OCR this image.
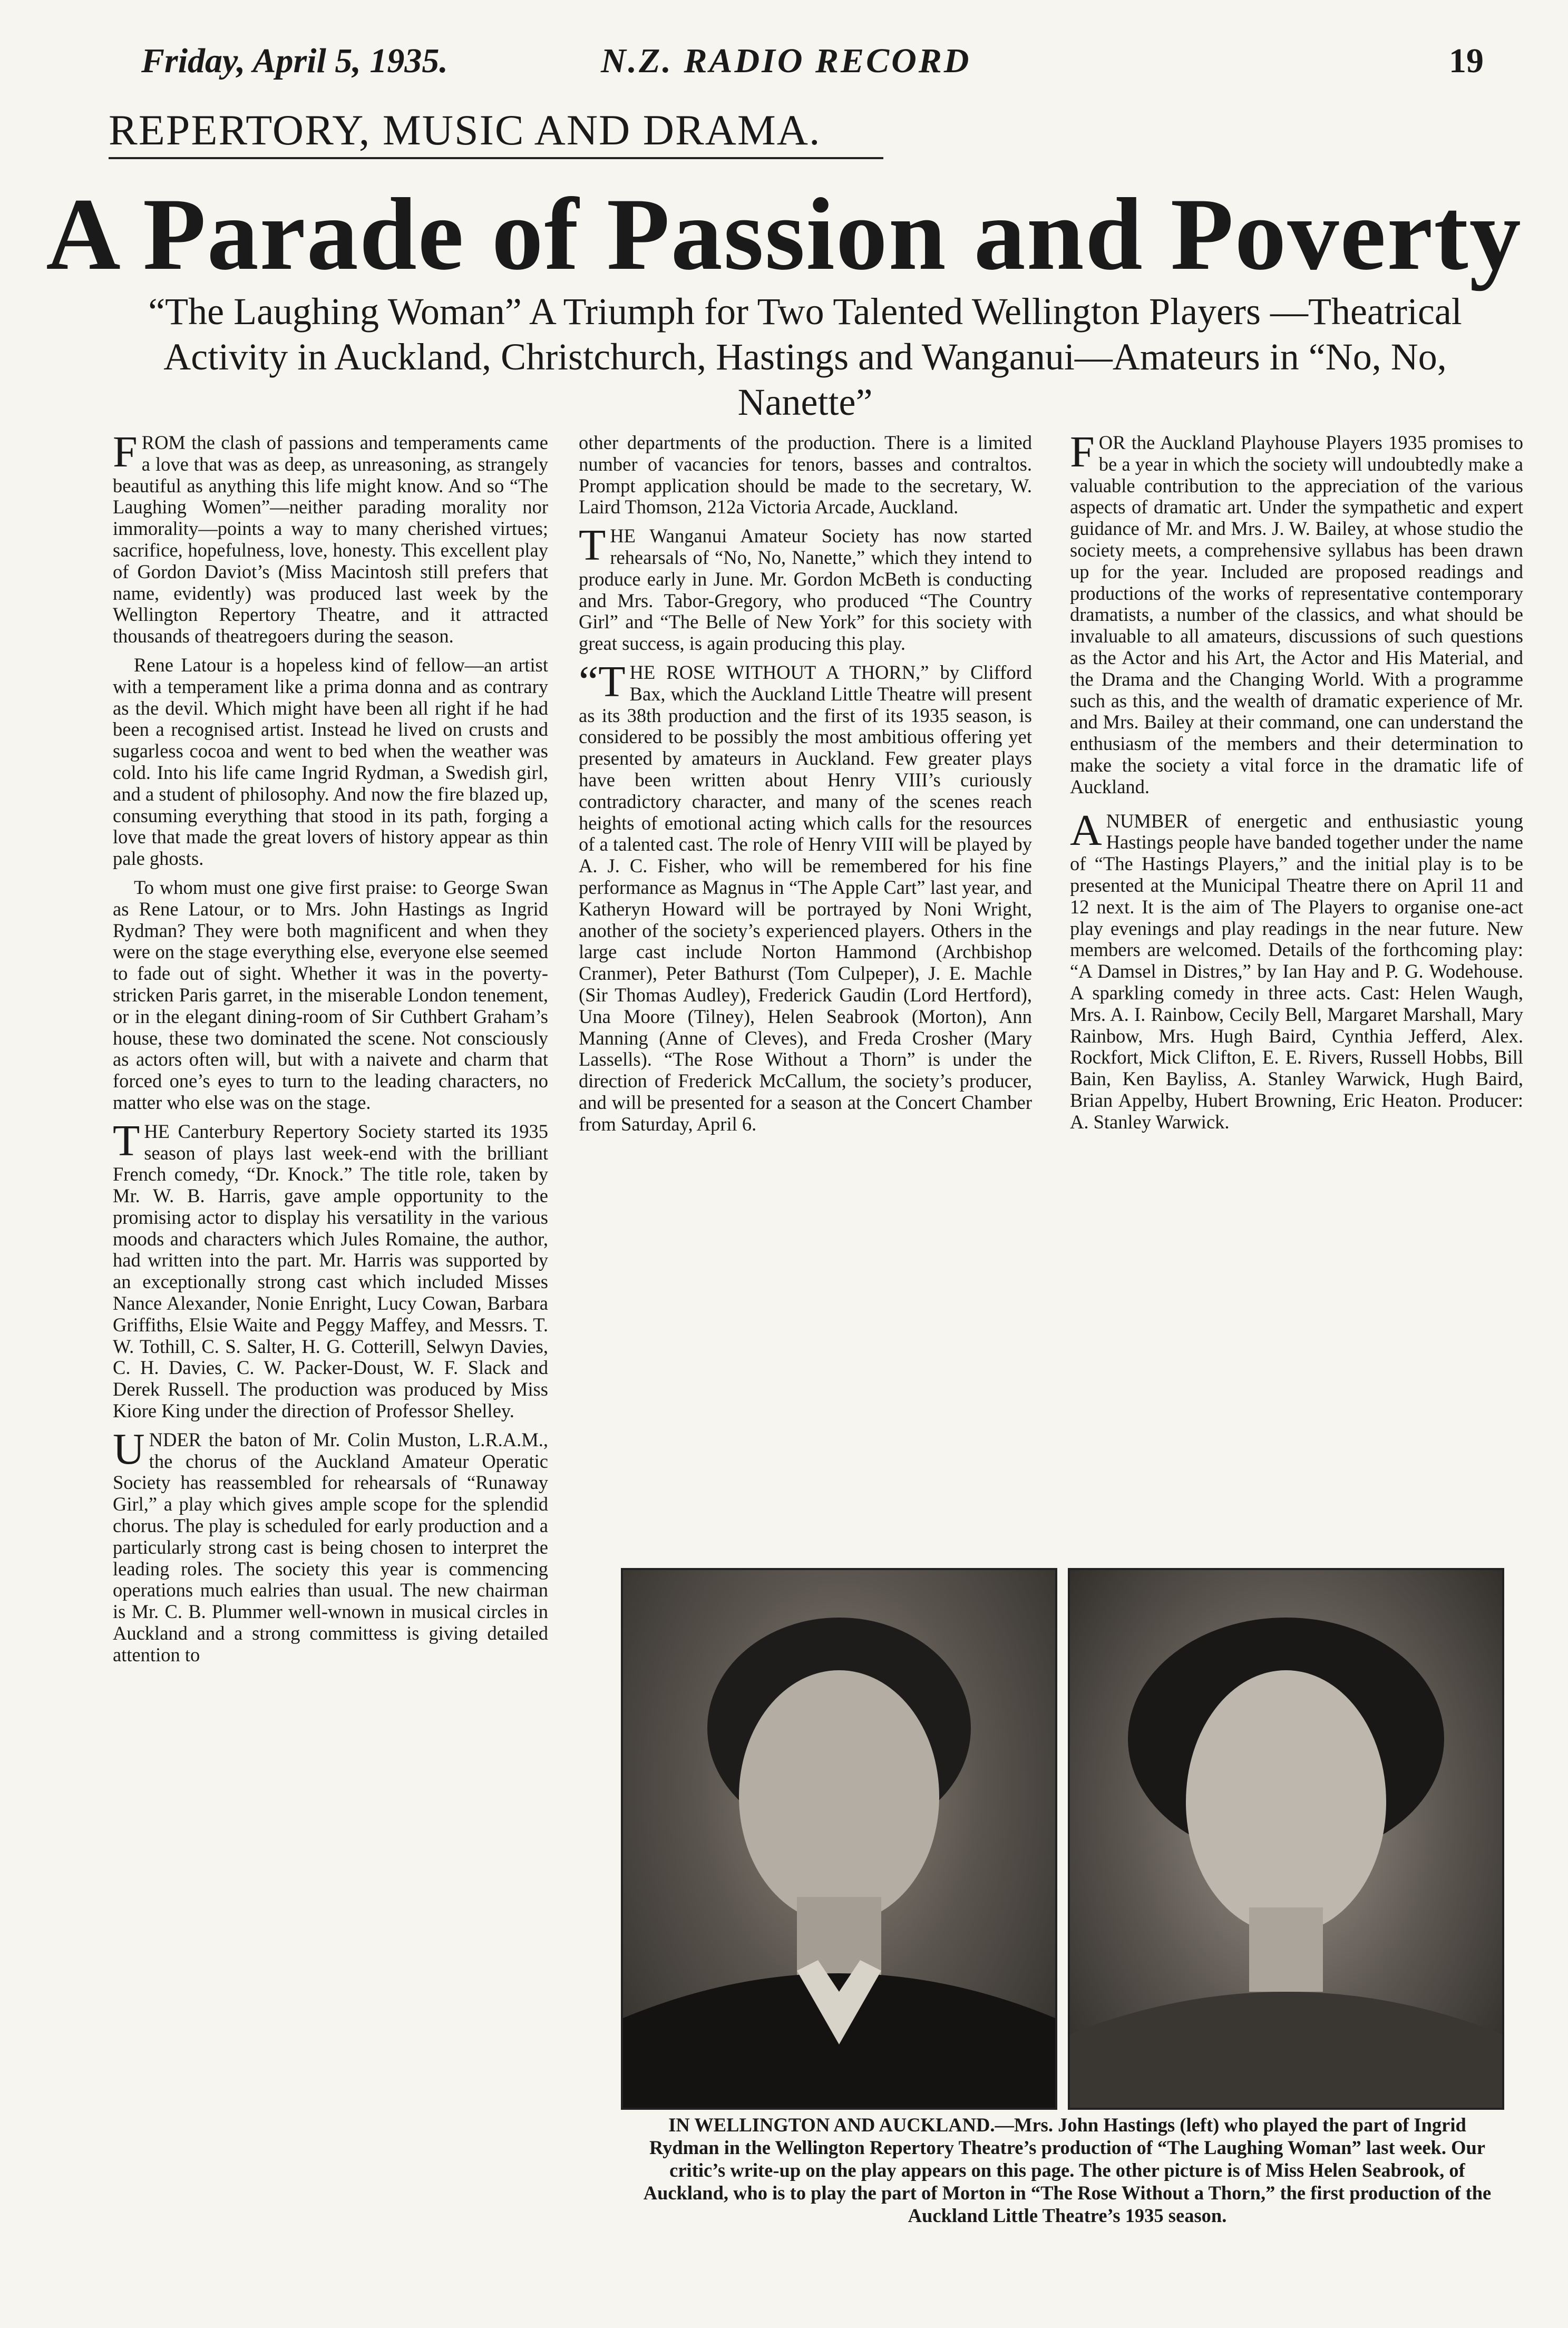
Friday, April 5, 1935.	N.Z. RADIO RECORD	19
REPERTORY, MUSIC AND DRAMA.
A Parade of Passion and Poverty
“The Laughing Woman” A Triumph for Two Talented Wellington Players —Theatrical Activity in Auckland, Christchurch, Hastings and Wanganui—Amateurs in “No, No, Nanette”

FROM the clash of passions and temperaments came a love that was as deep, as unreasoning, as strangely beautiful as anything this life might know. And so “The Laughing Women”—neither parading morality nor immorality—points a way to many cherished virtues; sacrifice, hopefulness, love, honesty. This excellent play of Gordon Daviot’s (Miss Macintosh still prefers that name, evidently) was produced last week by the Wellington Repertory Theatre, and it attracted thousands of theatregoers during the season.

Rene Latour is a hopeless kind of fellow—an artist with a temperament like a prima donna and as contrary as the devil. Which might have been all right if he had been a recognised artist. Instead he lived on crusts and sugarless cocoa and went to bed when the weather was cold. Into his life came Ingrid Rydman, a Swedish girl, and a student of philosophy. And now the fire blazed up, consuming everything that stood in its path, forging a love that made the great lovers of history appear as thin pale ghosts.

To whom must one give first praise: to George Swan as Rene Latour, or to Mrs. John Hastings as Ingrid Rydman? They were both magnificent and when they were on the stage everything else, everyone else seemed to fade out of sight. Whether it was in the poverty-stricken Paris garret, in the miserable London tenement, or in the elegant dining-room of Sir Cuthbert Graham’s house, these two dominated the scene. Not consciously as actors often will, but with a naivete and charm that forced one’s eyes to turn to the leading characters, no matter who else was on the stage.

THE Canterbury Repertory Society started its 1935 season of plays last week-end with the brilliant French comedy, “Dr. Knock.” The title role, taken by Mr. W. B. Harris, gave ample opportunity to the promising actor to display his versatility in the various moods and characters which Jules Romaine, the author, had written into the part. Mr. Harris was supported by an exceptionally strong cast which included Misses Nance Alexander, Nonie Enright, Lucy Cowan, Barbara Griffiths, Elsie Waite and Peggy Maffey, and Messrs. T. W. Tothill, C. S. Salter, H. G. Cotterill, Selwyn Davies, C. H. Davies, C. W. Packer-Doust, W. F. Slack and Derek Russell. The production was produced by Miss Kiore King under the direction of Professor Shelley.

UNDER the baton of Mr. Colin Muston, L.R.A.M., the chorus of the Auckland Amateur Operatic Society has reassembled for rehearsals of “Runaway Girl,” a play which gives ample scope for the splendid chorus. The play is scheduled for early production and a particularly strong cast is being chosen to interpret the leading roles. The society this year is commencing operations much ealries than usual. The new chairman is Mr. C. B. Plummer well-wnown in musical circles in Auckland and a strong committess is giving detailed attention to

other departments of the production. There is a limited number of vacancies for tenors, basses and contraltos. Prompt application should be made to the secretary, W. Laird Thomson, 212a Victoria Arcade, Auckland.

THE Wanganui Amateur Society has now started rehearsals of “No, No, Nanette,” which they intend to produce early in June. Mr. Gordon McBeth is conducting and Mrs. Tabor-Gregory, who produced “The Country Girl” and “The Belle of New York” for this society with great success, is again producing this play.

“THE ROSE WITHOUT A THORN,” by Clifford Bax, which the Auckland Little Theatre will present as its 38th production and the first of its 1935 season, is considered to be possibly the most ambitious offering yet presented by amateurs in Auckland. Few greater plays have been written about Henry VIII’s curiously contradictory character, and many of the scenes reach heights of emotional acting which calls for the resources of a talented cast. The role of Henry VIII will be played by A. J. C. Fisher, who will be remembered for his fine performance as Magnus in “The Apple Cart” last year, and Katheryn Howard will be portrayed by Noni Wright, another of the society’s experienced players. Others in the large cast include Norton Hammond (Archbishop Cranmer), Peter Bathurst (Tom Culpeper), J. E. Machle (Sir Thomas Audley), Frederick Gaudin (Lord Hertford), Una Moore (Tilney), Helen Seabrook (Morton), Ann Manning (Anne of Cleves), and Freda Crosher (Mary Lassells). “The Rose Without a Thorn” is under the direction of Frederick McCallum, the society’s producer, and will be presented for a season at the Concert Chamber from Saturday, April 6.

FOR the Auckland Playhouse Players 1935 promises to be a year in which the society will undoubtedly make a valuable contribution to the appreciation of the various aspects of dramatic art. Under the sympathetic and expert guidance of Mr. and Mrs. J. W. Bailey, at whose studio the society meets, a comprehensive syllabus has been drawn up for the year. Included are proposed readings and productions of the works of representative contemporary dramatists, a number of the classics, and what should be invaluable to all amateurs, discussions of such questions as the Actor and his Art, the Actor and His Material, and the Drama and the Changing World. With a programme such as this, and the wealth of dramatic experience of Mr. and Mrs. Bailey at their command, one can understand the enthusiasm of the members and their determination to make the society a vital force in the dramatic life of Auckland.

ANUMBER of energetic and enthusiastic young Hastings people have banded together under the name of “The Hastings Players,” and the initial play is to be presented at the Municipal Theatre there on April 11 and 12 next. It is the aim of The Players to organise one-act play evenings and play readings in the near future. New members are welcomed. Details of the forthcoming play: “A Damsel in Distres,” by Ian Hay and P. G. Wodehouse. A sparkling comedy in three acts. Cast: Helen Waugh, Mrs. A. I. Rainbow, Cecily Bell, Margaret Marshall, Mary Rainbow, Mrs. Hugh Baird, Cynthia Jefferd, Alex. Rockfort, Mick Clifton, E. E. Rivers, Russell Hobbs, Bill Bain, Ken Bayliss, A. Stanley Warwick, Hugh Baird, Brian Appelby, Hubert Browning, Eric Heaton. Producer: A. Stanley Warwick.

IN WELLINGTON AND AUCKLAND.—Mrs. John Hastings (left) who played the part of Ingrid Rydman in the Wellington Repertory Theatre’s production of “The Laughing Woman” last week. Our critic’s write-up on the play appears on this page. The other picture is of Miss Helen Seabrook, of Auckland, who is to play the part of Morton in “The Rose Without a Thorn,” the first production of the Auckland Little Theatre’s 1935 season.
